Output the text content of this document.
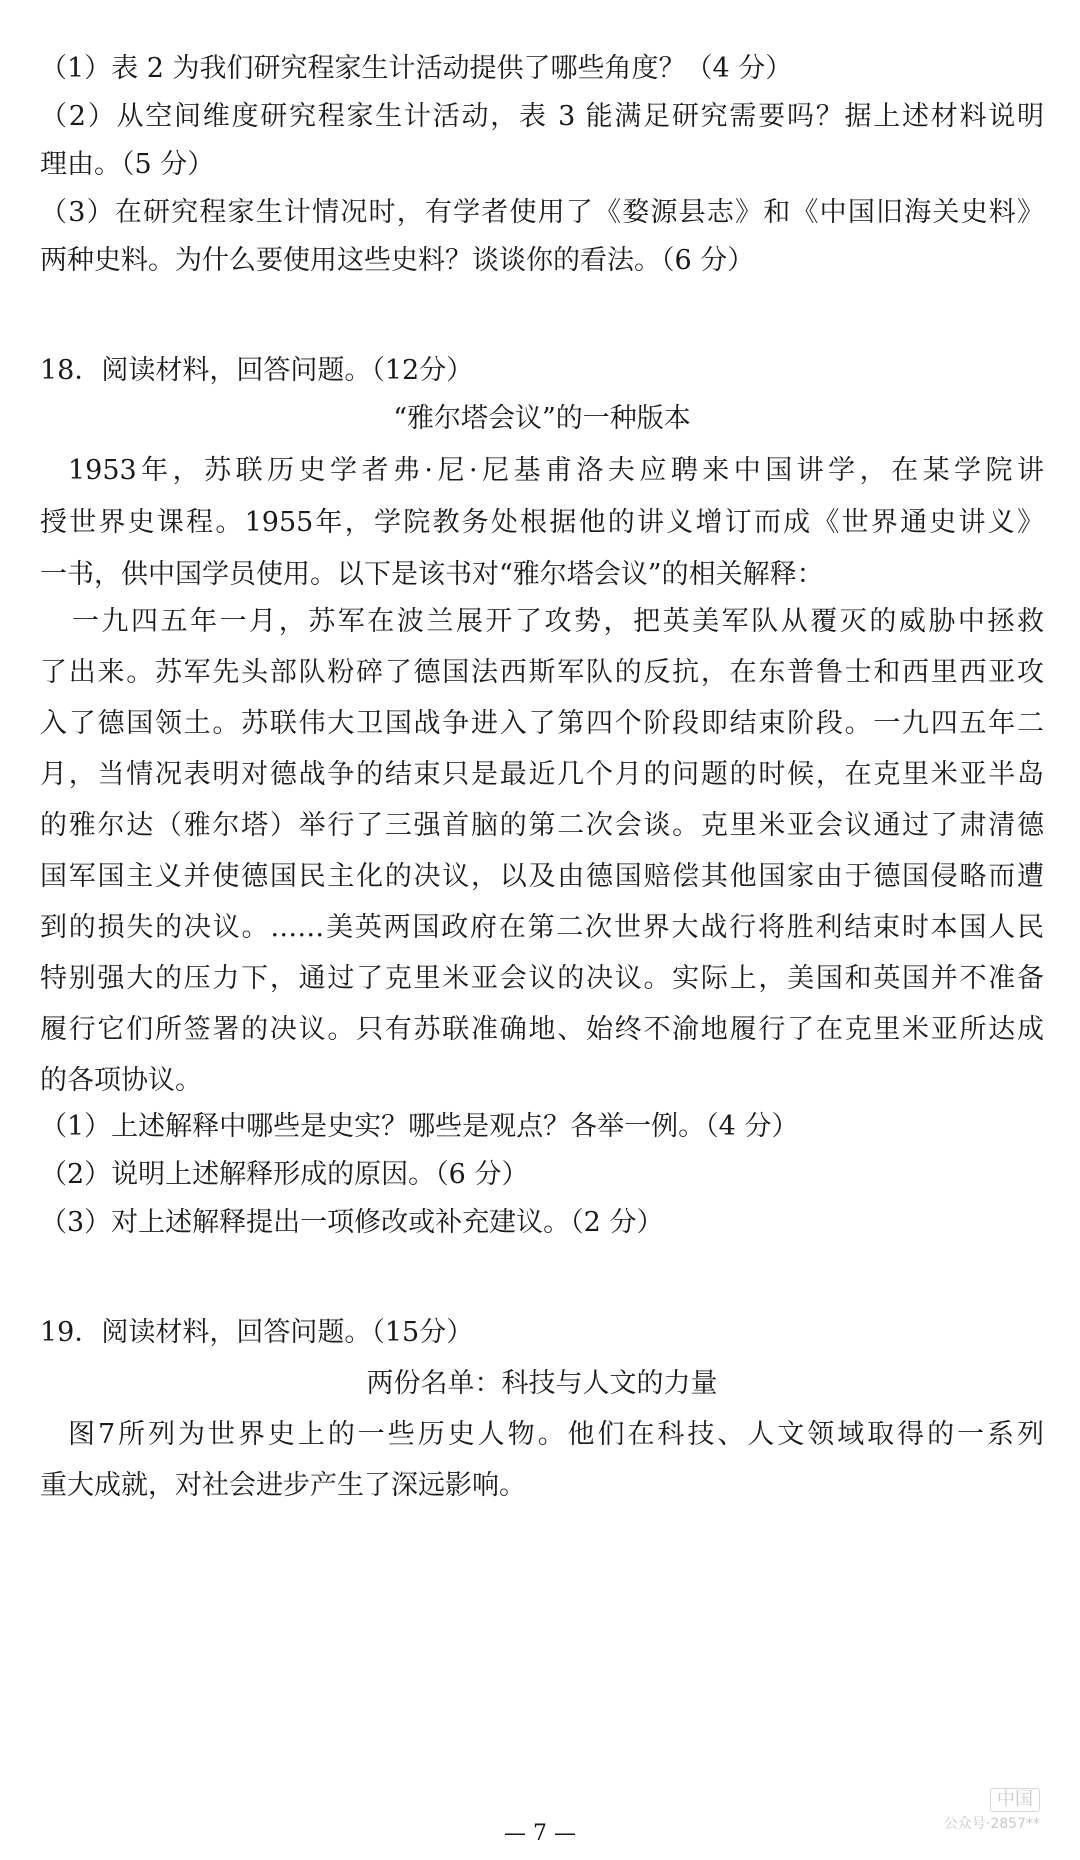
（1）表 2 为我们研究程家生计活动提供了哪些角度？（4 分）
（2）从空间维度研究程家生计活动，表 3 能满足研究需要吗？据上述材料说明
理由。（5 分）
（3）在研究程家生计情况时，有学者使用了《婺源县志》和《中国旧海关史料》
两种史料。为什么要使用这些史料？谈谈你的看法。（6 分）
18．阅读材料，回答问题。（12分）
“雅尔塔会议”的一种版本
1953年，苏联历史学者弗·尼·尼基甫洛夫应聘来中国讲学，在某学院讲
授世界史课程。1955年，学院教务处根据他的讲义增订而成《世界通史讲义》
一书，供中国学员使用。以下是该书对“雅尔塔会议”的相关解释：
一九四五年一月，苏军在波兰展开了攻势，把英美军队从覆灭的威胁中拯救
了出来。苏军先头部队粉碎了德国法西斯军队的反抗，在东普鲁士和西里西亚攻
入了德国领土。苏联伟大卫国战争进入了第四个阶段即结束阶段。一九四五年二
月，当情况表明对德战争的结束只是最近几个月的问题的时候，在克里米亚半岛
的雅尔达（雅尔塔）举行了三强首脑的第二次会谈。克里米亚会议通过了肃清德
国军国主义并使德国民主化的决议，以及由德国赔偿其他国家由于德国侵略而遭
到的损失的决议。……美英两国政府在第二次世界大战行将胜利结束时本国人民
特别强大的压力下，通过了克里米亚会议的决议。实际上，美国和英国并不准备
履行它们所签署的决议。只有苏联准确地、始终不渝地履行了在克里米亚所达成
的各项协议。
（1）上述解释中哪些是史实？哪些是观点？各举一例。（4 分）
（2）说明上述解释形成的原因。（6 分）
（3）对上述解释提出一项修改或补充建议。（2 分）
19．阅读材料，回答问题。（15分）
两份名单：科技与人文的力量
图7所列为世界史上的一些历史人物。他们在科技、人文领域取得的一系列
重大成就，对社会进步产生了深远影响。
中国
公众号·2857**
— 7 —
